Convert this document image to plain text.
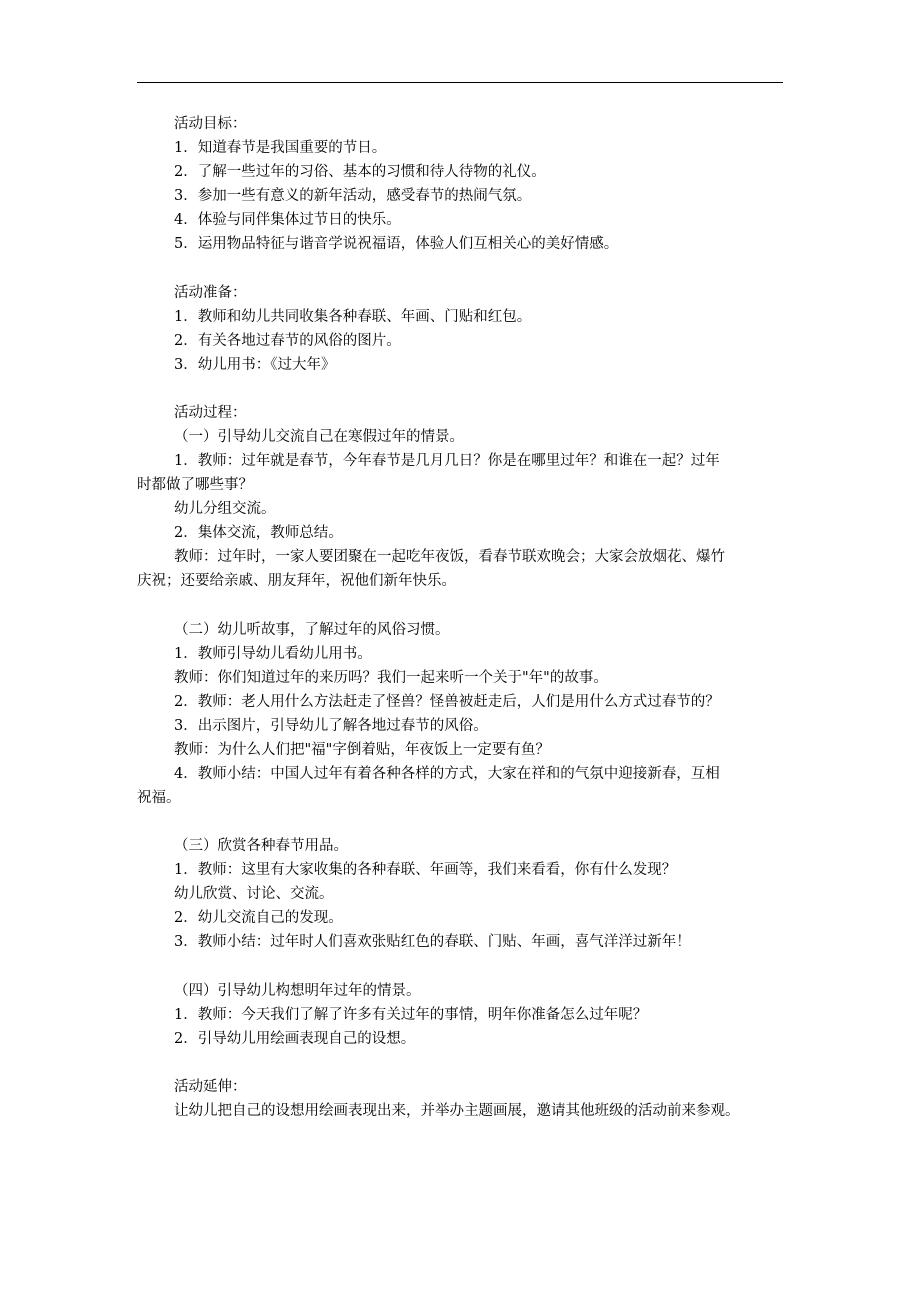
活动目标：
1．知道春节是我国重要的节日。
2．了解一些过年的习俗、基本的习惯和待人待物的礼仪。
3．参加一些有意义的新年活动，感受春节的热闹气氛。
4．体验与同伴集体过节日的快乐。
5．运用物品特征与谐音学说祝福语，体验人们互相关心的美好情感。
活动准备：
1．教师和幼儿共同收集各种春联、年画、门贴和红包。
2．有关各地过春节的风俗的图片。
3．幼儿用书：《过大年》
活动过程：
（一）引导幼儿交流自己在寒假过年的情景。
1．教师：过年就是春节，今年春节是几月几日？你是在哪里过年？和谁在一起？过年
时都做了哪些事？
幼儿分组交流。
2．集体交流，教师总结。
教师：过年时，一家人要团聚在一起吃年夜饭，看春节联欢晚会；大家会放烟花、爆竹
庆祝；还要给亲戚、朋友拜年，祝他们新年快乐。
（二）幼儿听故事，了解过年的风俗习惯。
1．教师引导幼儿看幼儿用书。
教师：你们知道过年的来历吗？我们一起来听一个关于"年"的故事。
2．教师：老人用什么方法赶走了怪兽？怪兽被赶走后，人们是用什么方式过春节的？
3．出示图片，引导幼儿了解各地过春节的风俗。
教师：为什么人们把"福"字倒着贴，年夜饭上一定要有鱼？
4．教师小结：中国人过年有着各种各样的方式，大家在祥和的气氛中迎接新春，互相
祝福。
（三）欣赏各种春节用品。
1．教师：这里有大家收集的各种春联、年画等，我们来看看，你有什么发现？
幼儿欣赏、讨论、交流。
2．幼儿交流自己的发现。
3．教师小结：过年时人们喜欢张贴红色的春联、门贴、年画，喜气洋洋过新年！
（四）引导幼儿构想明年过年的情景。
1．教师：今天我们了解了许多有关过年的事情，明年你准备怎么过年呢？
2．引导幼儿用绘画表现自己的设想。
活动延伸：
让幼儿把自己的设想用绘画表现出来，并举办主题画展，邀请其他班级的活动前来参观。
